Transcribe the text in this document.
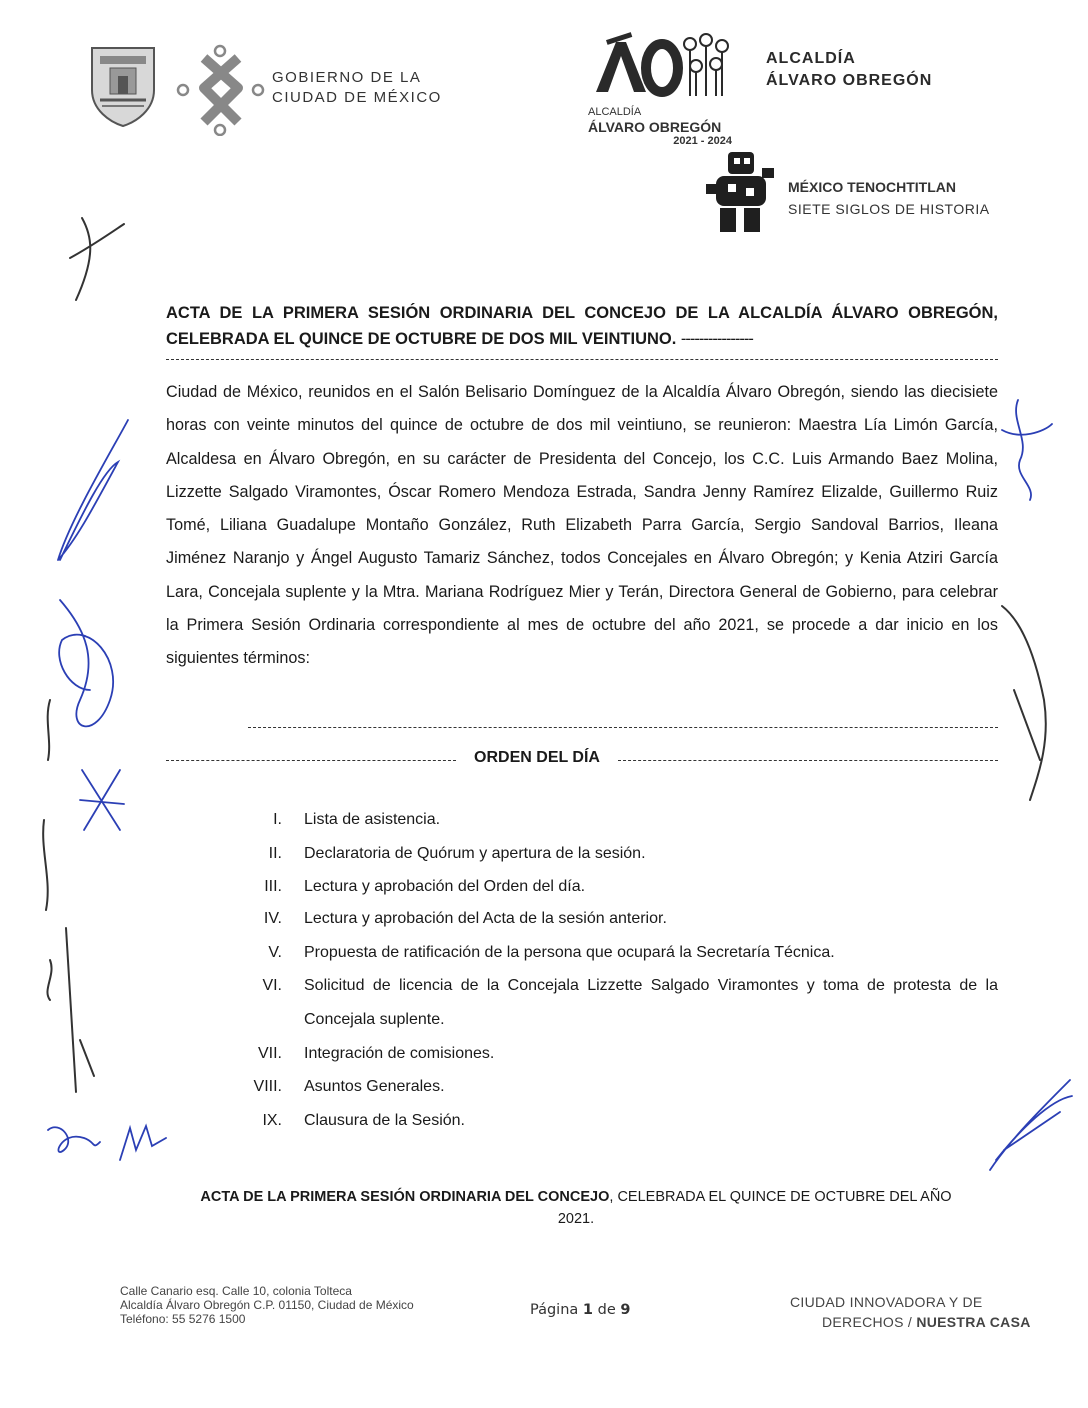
GOBIERNO DE LA
CIUDAD DE MÉXICO
ALCALDÍA
ÁLVARO OBREGÓN
2021 - 2024
ALCALDÍA
ÁLVARO OBREGÓN
MÉXICO TENOCHTITLAN
SIETE SIGLOS DE HISTORIA
ACTA DE LA PRIMERA SESIÓN ORDINARIA DEL CONCEJO DE LA ALCALDÍA ÁLVARO OBREGÓN, CELEBRADA EL QUINCE DE OCTUBRE DE DOS MIL VEINTIUNO. ----------------
Ciudad de México, reunidos en el Salón Belisario Domínguez de la Alcaldía Álvaro Obregón, siendo las diecisiete horas con veinte minutos del quince de octubre de dos mil veintiuno, se reunieron: Maestra Lía Limón García, Alcaldesa en Álvaro Obregón, en su carácter de Presidenta del Concejo, los C.C. Luis Armando Baez Molina, Lizzette Salgado Viramontes, Óscar Romero Mendoza Estrada, Sandra Jenny Ramírez Elizalde, Guillermo Ruiz Tomé, Liliana Guadalupe Montaño González, Ruth Elizabeth Parra García, Sergio Sandoval Barrios, Ileana Jiménez Naranjo y Ángel Augusto Tamariz Sánchez, todos Concejales en Álvaro Obregón; y Kenia Atziri García Lara, Concejala suplente y la Mtra. Mariana Rodríguez Mier y Terán, Directora General de Gobierno, para celebrar la Primera Sesión Ordinaria correspondiente al mes de octubre del año 2021, se procede a dar inicio en los siguientes términos:
ORDEN DEL DÍA
I. Lista de asistencia.
II. Declaratoria de Quórum y apertura de la sesión.
III. Lectura y aprobación del Orden del día.
IV. Lectura y aprobación del Acta de la sesión anterior.
V. Propuesta de ratificación de la persona que ocupará la Secretaría Técnica.
VI. Solicitud de licencia de la Concejala Lizzette Salgado Viramontes y toma de protesta de la Concejala suplente.
VII. Integración de comisiones.
VIII. Asuntos Generales.
IX. Clausura de la Sesión.
ACTA DE LA PRIMERA SESIÓN ORDINARIA DEL CONCEJO, CELEBRADA EL QUINCE DE OCTUBRE DEL AÑO 2021.
Calle Canario esq. Calle 10, colonia Tolteca
Alcaldía Álvaro Obregón C.P. 01150, Ciudad de México
Teléfono: 55 5276 1500
Página 1 de 9	CIUDAD INNOVADORA Y DE
DERECHOS / NUESTRA CASA
